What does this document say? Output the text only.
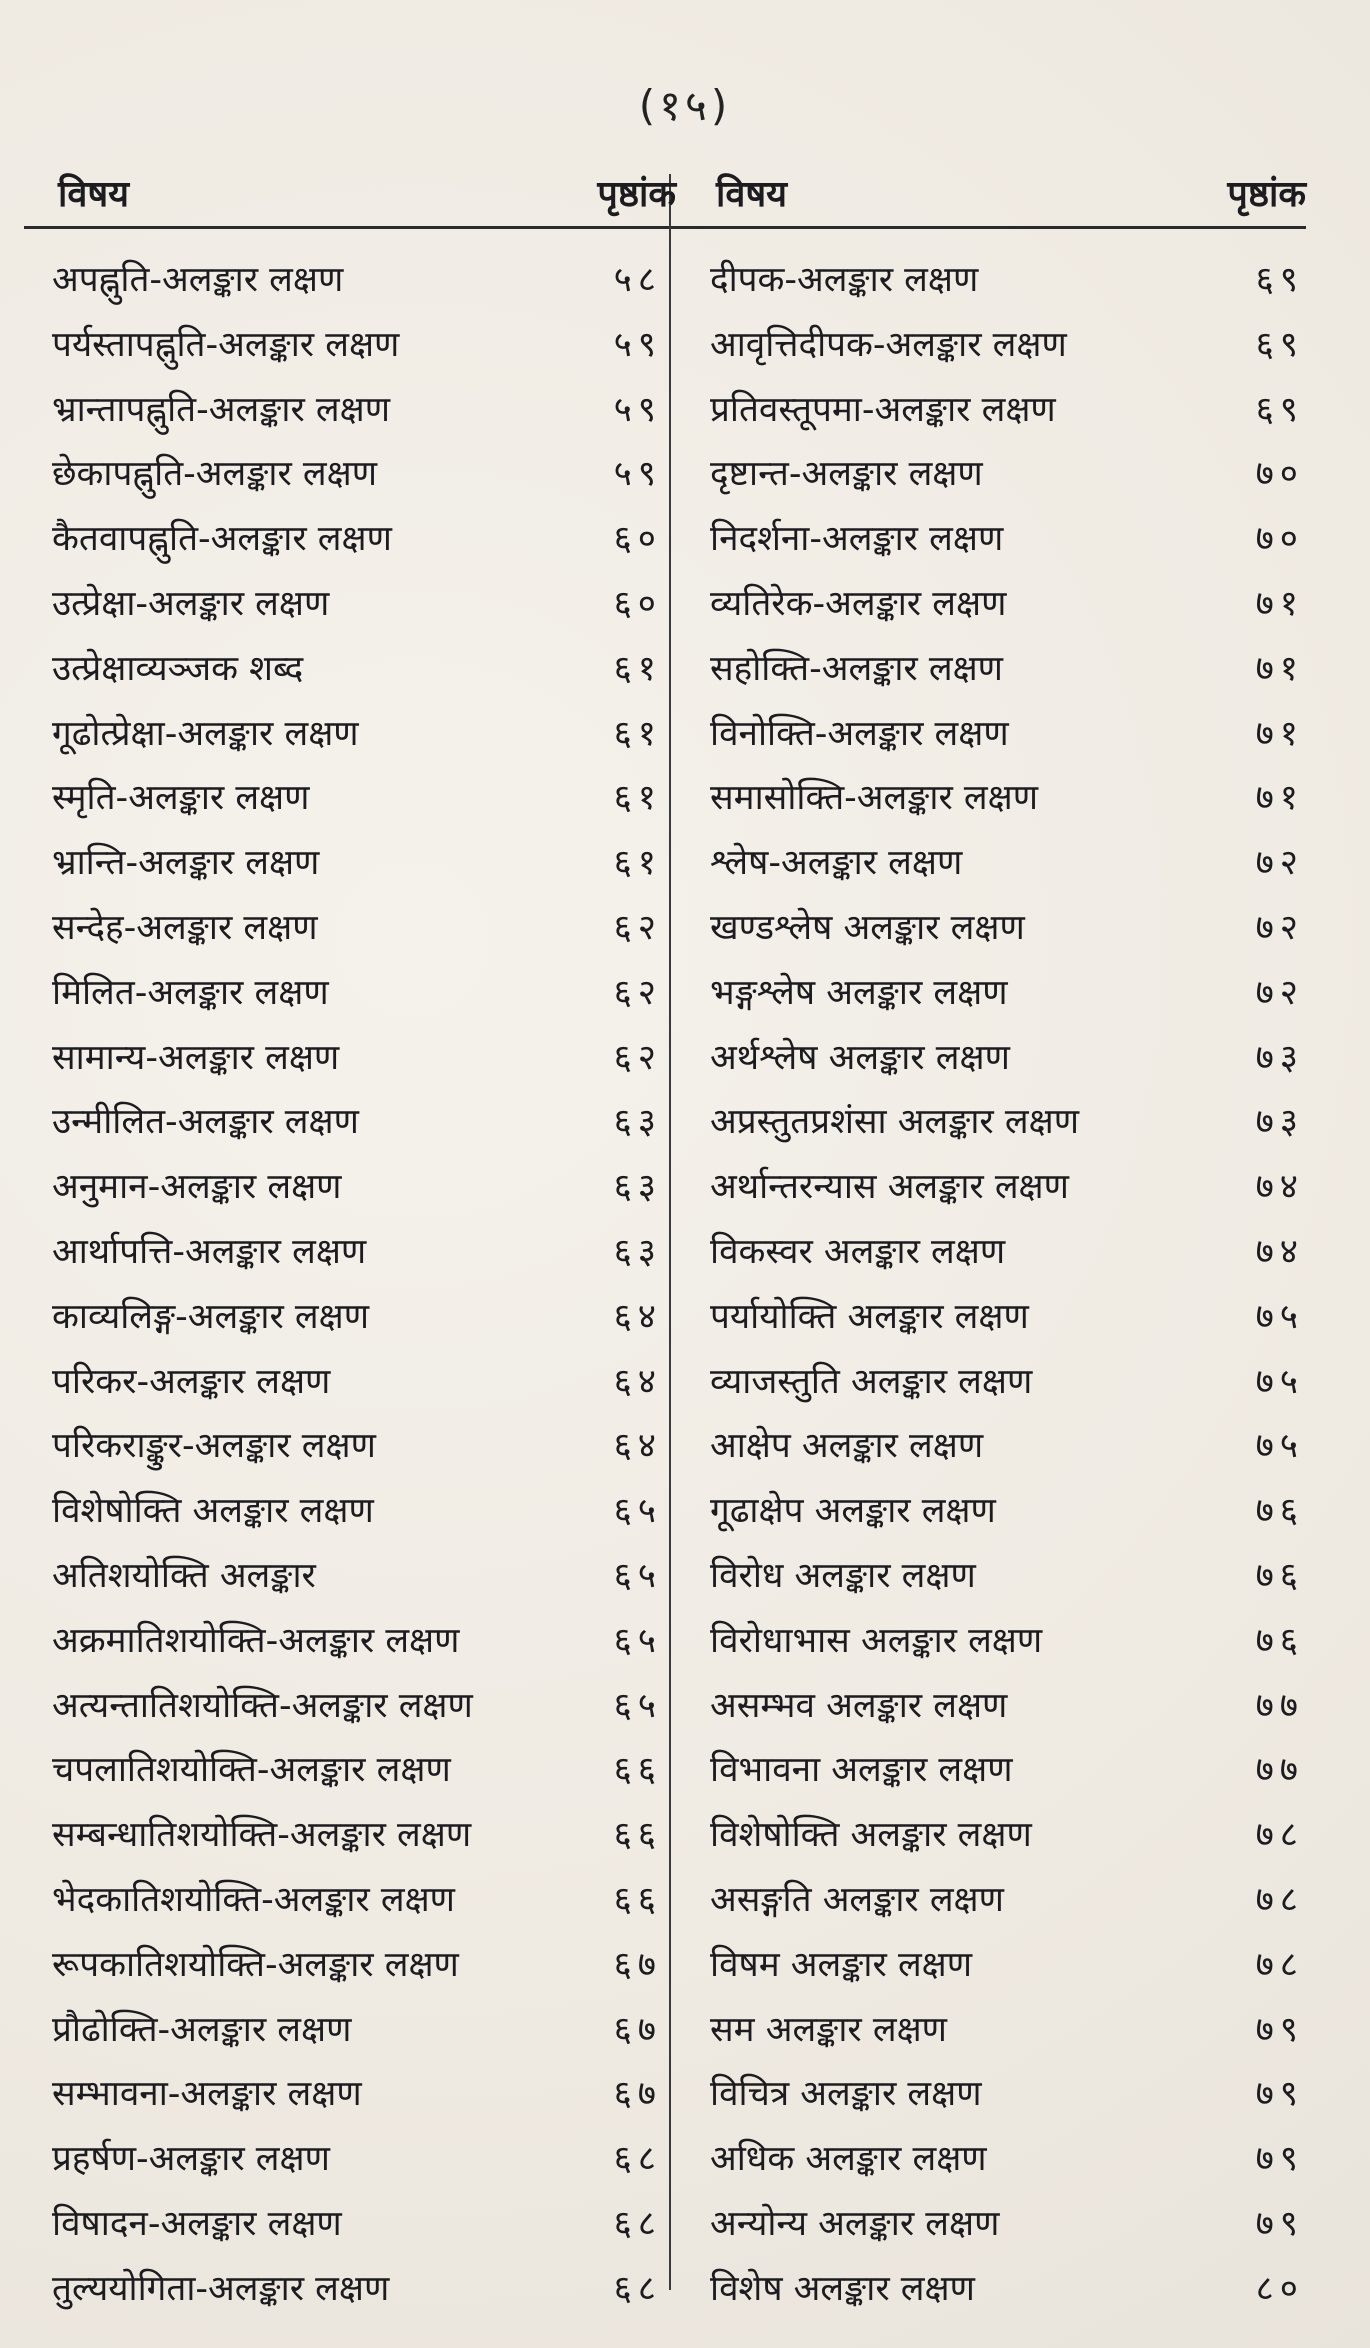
(१५)
विषय	पृष्ठांक
अपह्नुति-अलङ्कार लक्षण	५८
पर्यस्तापह्नुति-अलङ्कार लक्षण	५९
भ्रान्तापह्नुति-अलङ्कार लक्षण	५९
छेकापह्नुति-अलङ्कार लक्षण	५९
कैतवापह्नुति-अलङ्कार लक्षण	६०
उत्प्रेक्षा-अलङ्कार लक्षण	६०
उत्प्रेक्षाव्यञ्जक शब्द	६१
गूढोत्प्रेक्षा-अलङ्कार लक्षण	६१
स्मृति-अलङ्कार लक्षण	६१
भ्रान्ति-अलङ्कार लक्षण	६१
सन्देह-अलङ्कार लक्षण	६२
मिलित-अलङ्कार लक्षण	६२
सामान्य-अलङ्कार लक्षण	६२
उन्मीलित-अलङ्कार लक्षण	६३
अनुमान-अलङ्कार लक्षण	६३
आर्थापत्ति-अलङ्कार लक्षण	६३
काव्यलिङ्ग-अलङ्कार लक्षण	६४
परिकर-अलङ्कार लक्षण	६४
परिकराङ्कुर-अलङ्कार लक्षण	६४
विशेषोक्ति अलङ्कार लक्षण	६५
अतिशयोक्ति अलङ्कार	६५
अक्रमातिशयोक्ति-अलङ्कार लक्षण	६५
अत्यन्तातिशयोक्ति-अलङ्कार लक्षण	६५
चपलातिशयोक्ति-अलङ्कार लक्षण	६६
सम्बन्धातिशयोक्ति-अलङ्कार लक्षण	६६
भेदकातिशयोक्ति-अलङ्कार लक्षण	६६
रूपकातिशयोक्ति-अलङ्कार लक्षण	६७
प्रौढोक्ति-अलङ्कार लक्षण	६७
सम्भावना-अलङ्कार लक्षण	६७
प्रहर्षण-अलङ्कार लक्षण	६८
विषादन-अलङ्कार लक्षण	६८
तुल्ययोगिता-अलङ्कार लक्षण	६८
विषय	पृष्ठांक
दीपक-अलङ्कार लक्षण	६९
आवृत्तिदीपक-अलङ्कार लक्षण	६९
प्रतिवस्तूपमा-अलङ्कार लक्षण	६९
दृष्टान्त-अलङ्कार लक्षण	७०
निदर्शना-अलङ्कार लक्षण	७०
व्यतिरेक-अलङ्कार लक्षण	७१
सहोक्ति-अलङ्कार लक्षण	७१
विनोक्ति-अलङ्कार लक्षण	७१
समासोक्ति-अलङ्कार लक्षण	७१
श्लेष-अलङ्कार लक्षण	७२
खण्डश्लेष अलङ्कार लक्षण	७२
भङ्गश्लेष अलङ्कार लक्षण	७२
अर्थश्लेष अलङ्कार लक्षण	७३
अप्रस्तुतप्रशंसा अलङ्कार लक्षण	७३
अर्थान्तरन्यास अलङ्कार लक्षण	७४
विकस्वर अलङ्कार लक्षण	७४
पर्यायोक्ति अलङ्कार लक्षण	७५
व्याजस्तुति अलङ्कार लक्षण	७५
आक्षेप अलङ्कार लक्षण	७५
गूढाक्षेप अलङ्कार लक्षण	७६
विरोध अलङ्कार लक्षण	७६
विरोधाभास अलङ्कार लक्षण	७६
असम्भव अलङ्कार लक्षण	७७
विभावना अलङ्कार लक्षण	७७
विशेषोक्ति अलङ्कार लक्षण	७८
असङ्गति अलङ्कार लक्षण	७८
विषम अलङ्कार लक्षण	७८
सम अलङ्कार लक्षण	७९
विचित्र अलङ्कार लक्षण	७९
अधिक अलङ्कार लक्षण	७९
अन्योन्य अलङ्कार लक्षण	७९
विशेष अलङ्कार लक्षण	८०
